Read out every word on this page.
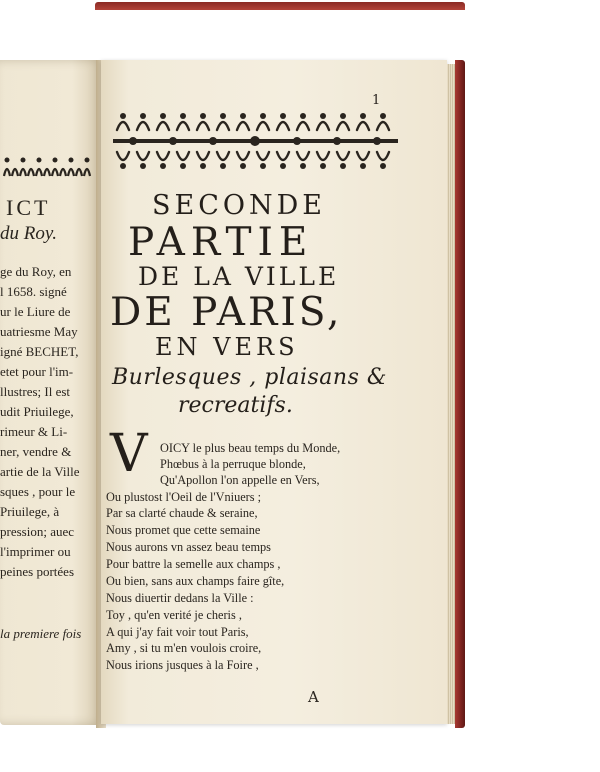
ICT
du Roy.
ge du Roy, en
l 1658. signé
ur le Liure de
uatriesme May
igné BECHET,
etet pour l'im-
llustres; Il est
udit Priuilege,
rimeur & Li-
ner, vendre &
artie de la Ville
sques , pour le
Priuilege, à
pression; auec
l'imprimer ou
peines portées
la premiere fois
1
SECONDE
PARTIE
DE LA VILLE
DE PARIS,
EN VERS
Burlesques , plaisans &
recreatifs.
V OICY le plus beau temps du Monde,
Phœbus à la perruque blonde,
Qu'Apollon l'on appelle en Vers,
Ou plustost l'Oeil de l'Vniuers ;
Par sa clarté chaude & seraine,
Nous promet que cette semaine
Nous aurons vn assez beau temps
Pour battre la semelle aux champs ,
Ou bien, sans aux champs faire gîte,
Nous diuertir dedans la Ville :
Toy , qu'en verité je cheris ,
A qui j'ay fait voir tout Paris,
Amy , si tu m'en voulois croire,
Nous irions jusques à la Foire ,
A
